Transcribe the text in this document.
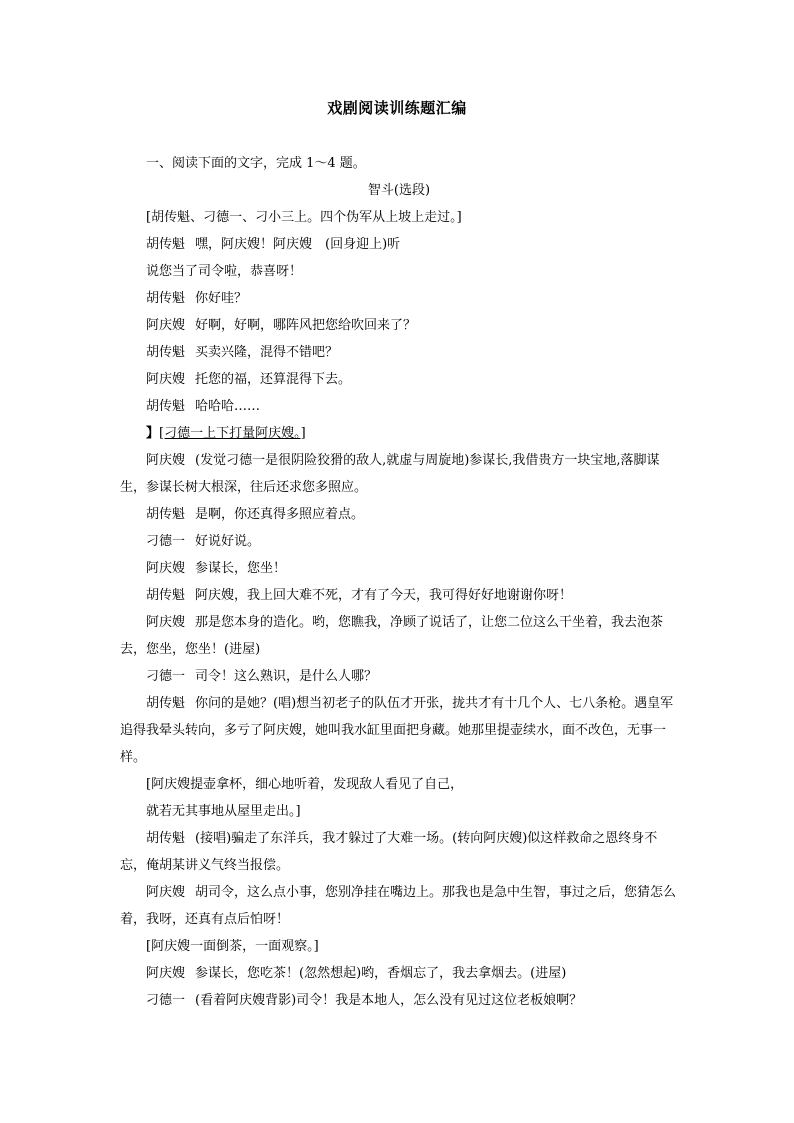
戏剧阅读训练题汇编

一、阅读下面的文字，完成 1～4 题。

智斗(选段)

[胡传魁、刁德一、刁小三上。四个伪军从上坡上走过。]

胡传魁 嘿，阿庆嫂！阿庆嫂　(回身迎上)听

说您当了司令啦，恭喜呀！

胡传魁 你好哇？

阿庆嫂 好啊，好啊，哪阵风把您给吹回来了？

胡传魁 买卖兴隆，混得不错吧？

阿庆嫂 托您的福，还算混得下去。

胡传魁 哈哈哈……

】[刁德一上下打量阿庆嫂。]

阿庆嫂 (发觉刁德一是很阴险狡猾的敌人,就虚与周旋地)参谋长,我借贵方一块宝地,落脚谋生，参谋长树大根深，往后还求您多照应。

胡传魁 是啊，你还真得多照应着点。

刁德一 好说好说。

阿庆嫂 参谋长，您坐！

胡传魁 阿庆嫂，我上回大难不死，才有了今天，我可得好好地谢谢你呀！

阿庆嫂 那是您本身的造化。哟，您瞧我，净顾了说话了，让您二位这么干坐着，我去泡茶去，您坐，您坐！(进屋)

刁德一 司令！这么熟识，是什么人哪？

胡传魁 你问的是她？(唱)想当初老子的队伍才开张，拢共才有十几个人、七八条枪。遇皇军追得我晕头转向，多亏了阿庆嫂，她叫我水缸里面把身藏。她那里提壶续水，面不改色，无事一样。

[阿庆嫂提壶拿杯，细心地听着，发现敌人看见了自己，

就若无其事地从屋里走出。]

胡传魁 (接唱)骗走了东洋兵，我才躲过了大难一场。(转向阿庆嫂)似这样救命之恩终身不忘，俺胡某讲义气终当报偿。

阿庆嫂 胡司令，这么点小事，您别净挂在嘴边上。那我也是急中生智，事过之后，您猜怎么着，我呀，还真有点后怕呀！

[阿庆嫂一面倒茶，一面观察。]

阿庆嫂 参谋长，您吃茶！(忽然想起)哟，香烟忘了，我去拿烟去。(进屋)

刁德一 (看着阿庆嫂背影)司令！我是本地人，怎么没有见过这位老板娘啊？
